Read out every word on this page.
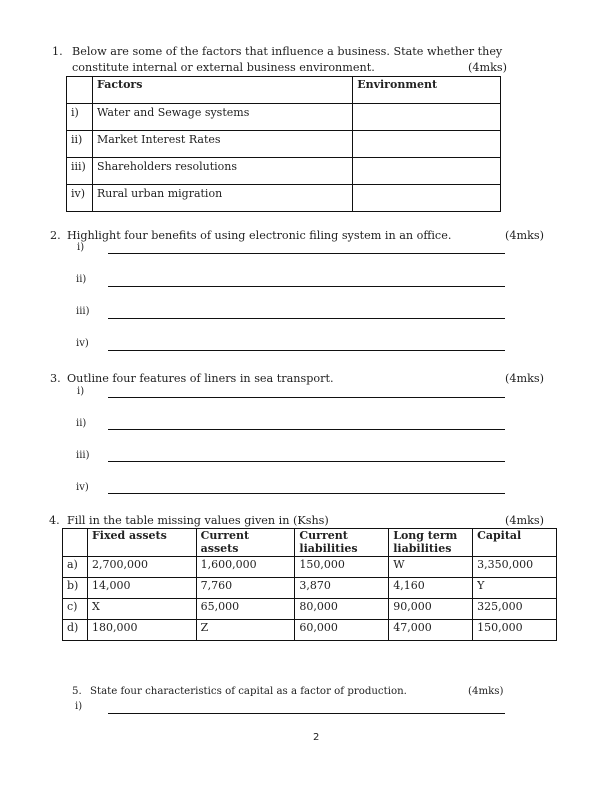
1. Below are some of the factors that influence a business. State whether they
constitute internal or external business environment.	(4mks)
	Factors	Environment
i)	Water and Sewage systems	
ii)	Market Interest Rates	
iii)	Shareholders resolutions	
iv)	Rural urban migration	
2. Highlight four benefits of using electronic filing system in an office.	(4mks)
i)
ii)
iii)
iv)
3. Outline four features of liners in sea transport.	(4mks)
i)
ii)
iii)
iv)
4. Fill in the table missing values given in (Kshs)	(4mks)
	Fixed assets	Current assets	Current liabilities	Long term liabilities	Capital
a)	2,700,000	1,600,000	150,000	W	3,350,000
b)	14,000	7,760	3,870	4,160	Y
c)	X	65,000	80,000	90,000	325,000
d)	180,000	Z	60,000	47,000	150,000
5. State four characteristics of capital as a factor of production.	(4mks)
i)
2
